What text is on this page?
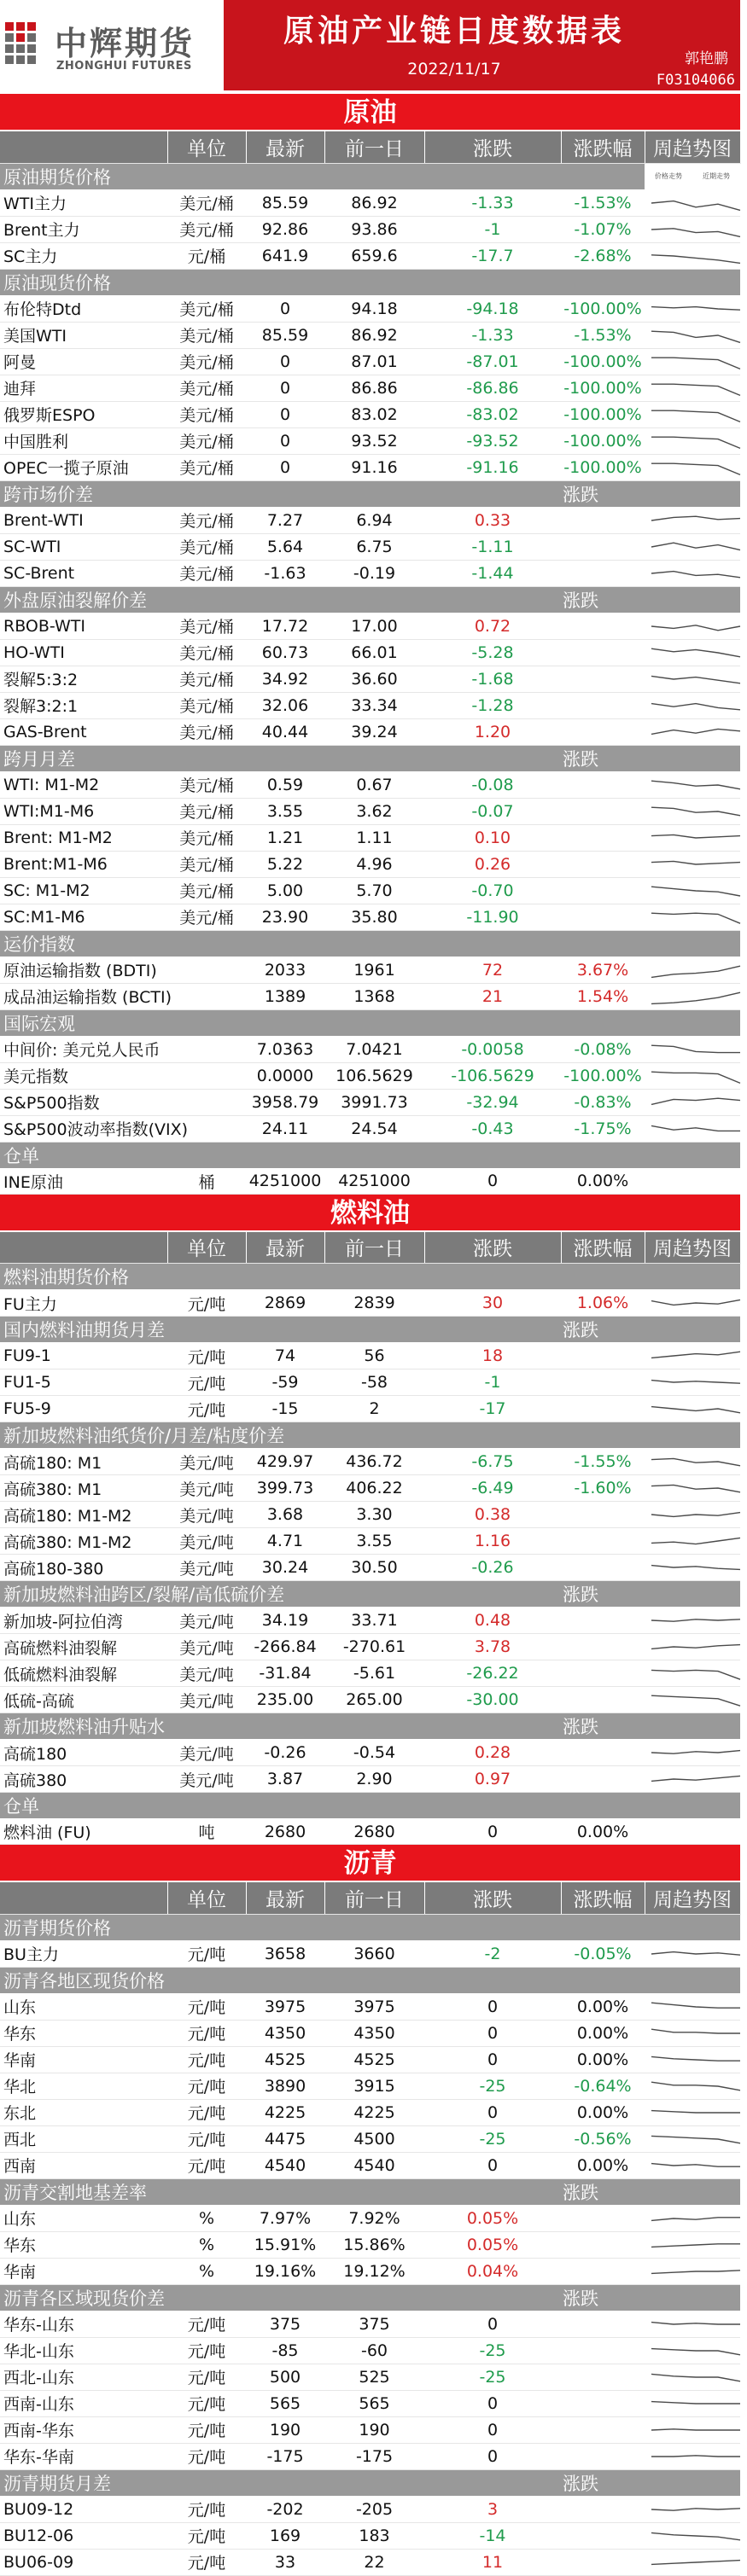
中辉期货
ZHONGHUI FUTURES
原油产业链日度数据表
2022/11/17
郭艳鹏
F03104066
原油
	单位	最新	前一日	涨跌	涨跌幅	周趋势图
原油期货价格						价格走势 近期走势

WTI主力	美元/桶	85.59	86.92	-1.33	-1.53%	

Brent主力	美元/桶	92.86	93.86	-1	-1.07%	

SC主力	元/桶	641.9	659.6	-17.7	-2.68%	

原油现货价格						
布伦特Dtd	美元/桶	0	94.18	-94.18	-100.00%	

美国WTI	美元/桶	85.59	86.92	-1.33	-1.53%	

阿曼	美元/桶	0	87.01	-87.01	-100.00%	

迪拜	美元/桶	0	86.86	-86.86	-100.00%	

俄罗斯ESPO	美元/桶	0	83.02	-83.02	-100.00%	

中国胜利	美元/桶	0	93.52	-93.52	-100.00%	

OPEC一揽子原油	美元/桶	0	91.16	-91.16	-100.00%	

跨市场价差					涨跌	
Brent-WTI	美元/桶	7.27	6.94	0.33		

SC-WTI	美元/桶	5.64	6.75	-1.11		

SC-Brent	美元/桶	-1.63	-0.19	-1.44		

外盘原油裂解价差					涨跌	
RBOB-WTI	美元/桶	17.72	17.00	0.72		

HO-WTI	美元/桶	60.73	66.01	-5.28		

裂解5:3:2	美元/桶	34.92	36.60	-1.68		

裂解3:2:1	美元/桶	32.06	33.34	-1.28		

GAS-Brent	美元/桶	40.44	39.24	1.20		

跨月月差					涨跌	
WTI: M1-M2	美元/桶	0.59	0.67	-0.08		

WTI:M1-M6	美元/桶	3.55	3.62	-0.07		

Brent: M1-M2	美元/桶	1.21	1.11	0.10		

Brent:M1-M6	美元/桶	5.22	4.96	0.26		

SC: M1-M2	美元/桶	5.00	5.70	-0.70		

SC:M1-M6	美元/桶	23.90	35.80	-11.90		

运价指数						
原油运输指数 (BDTI)		2033	1961	72	3.67%	

成品油运输指数 (BCTI)		1389	1368	21	1.54%	

国际宏观						
中间价: 美元兑人民币		7.0363	7.0421	-0.0058	-0.08%	

美元指数		0.0000	106.5629	-106.5629	-100.00%	

S&P500指数		3958.79	3991.73	-32.94	-0.83%	

S&P500波动率指数(VIX)		24.11	24.54	-0.43	-1.75%	

仓单						
INE原油	桶	4251000	4251000	0	0.00%	
燃料油
	单位	最新	前一日	涨跌	涨跌幅	周趋势图
燃料油期货价格						
FU主力	元/吨	2869	2839	30	1.06%	

国内燃料油期货月差					涨跌	
FU9-1	元/吨	74	56	18		

FU1-5	元/吨	-59	-58	-1		

FU5-9	元/吨	-15	2	-17		

新加坡燃料油纸货价/月差/粘度价差						
高硫180: M1	美元/吨	429.97	436.72	-6.75	-1.55%	

高硫380: M1	美元/吨	399.73	406.22	-6.49	-1.60%	

高硫180: M1-M2	美元/吨	3.68	3.30	0.38		

高硫380: M1-M2	美元/吨	4.71	3.55	1.16		

高硫180-380	美元/吨	30.24	30.50	-0.26		

新加坡燃料油跨区/裂解/高低硫价差					涨跌	
新加坡-阿拉伯湾	美元/吨	34.19	33.71	0.48		

高硫燃料油裂解	美元/吨	-266.84	-270.61	3.78		

低硫燃料油裂解	美元/吨	-31.84	-5.61	-26.22		

低硫-高硫	美元/吨	235.00	265.00	-30.00		

新加坡燃料油升贴水					涨跌	
高硫180	美元/吨	-0.26	-0.54	0.28		

高硫380	美元/吨	3.87	2.90	0.97		

仓单						
燃料油 (FU)	吨	2680	2680	0	0.00%	
沥青
	单位	最新	前一日	涨跌	涨跌幅	周趋势图
沥青期货价格						
BU主力	元/吨	3658	3660	-2	-0.05%	

沥青各地区现货价格						
山东	元/吨	3975	3975	0	0.00%	

华东	元/吨	4350	4350	0	0.00%	

华南	元/吨	4525	4525	0	0.00%	

华北	元/吨	3890	3915	-25	-0.64%	

东北	元/吨	4225	4225	0	0.00%	

西北	元/吨	4475	4500	-25	-0.56%	

西南	元/吨	4540	4540	0	0.00%	

沥青交割地基差率					涨跌	
山东	%	7.97%	7.92%	0.05%		

华东	%	15.91%	15.86%	0.05%		

华南	%	19.16%	19.12%	0.04%		

沥青各区域现货价差					涨跌	
华东-山东	元/吨	375	375	0		

华北-山东	元/吨	-85	-60	-25		

西北-山东	元/吨	500	525	-25		

西南-山东	元/吨	565	565	0		

西南-华东	元/吨	190	190	0		

华东-华南	元/吨	-175	-175	0		

沥青期货月差					涨跌	
BU09-12	元/吨	-202	-205	3		

BU12-06	元/吨	169	183	-14		

BU06-09	元/吨	33	22	11		
